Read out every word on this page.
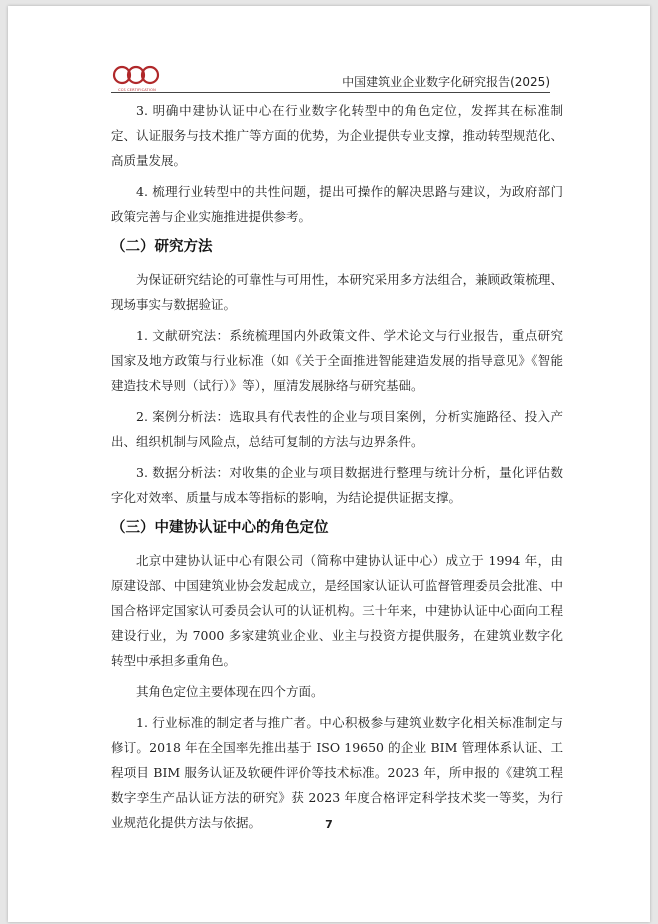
CCS CERTIFICATION
中国建筑业企业数字化研究报告(2025)

3. 明确中建协认证中心在行业数字化转型中的角色定位，发挥其在标准制定、认证服务与技术推广等方面的优势，为企业提供专业支撑，推动转型规范化、高质量发展。

4. 梳理行业转型中的共性问题，提出可操作的解决思路与建议，为政府部门政策完善与企业实施推进提供参考。

（二）研究方法

为保证研究结论的可靠性与可用性，本研究采用多方法组合，兼顾政策梳理、现场事实与数据验证。

1. 文献研究法：系统梳理国内外政策文件、学术论文与行业报告，重点研究国家及地方政策与行业标准（如《关于全面推进智能建造发展的指导意见》《智能建造技术导则（试行）》等），厘清发展脉络与研究基础。

2. 案例分析法：选取具有代表性的企业与项目案例，分析实施路径、投入产出、组织机制与风险点，总结可复制的方法与边界条件。

3. 数据分析法：对收集的企业与项目数据进行整理与统计分析，量化评估数字化对效率、质量与成本等指标的影响，为结论提供证据支撑。

（三）中建协认证中心的角色定位

北京中建协认证中心有限公司（简称中建协认证中心）成立于 1994 年，由原建设部、中国建筑业协会发起成立，是经国家认证认可监督管理委员会批准、中国合格评定国家认可委员会认可的认证机构。三十年来，中建协认证中心面向工程建设行业，为 7000 多家建筑业企业、业主与投资方提供服务，在建筑业数字化转型中承担多重角色。

其角色定位主要体现在四个方面。

1. 行业标准的制定者与推广者。中心积极参与建筑业数字化相关标准制定与修订。2018 年在全国率先推出基于 ISO 19650 的企业 BIM 管理体系认证、工程项目 BIM 服务认证及软硬件评价等技术标准。2023 年，所申报的《建筑工程数字孪生产品认证方法的研究》获 2023 年度合格评定科学技术奖一等奖，为行业规范化提供方法与依据。	7
